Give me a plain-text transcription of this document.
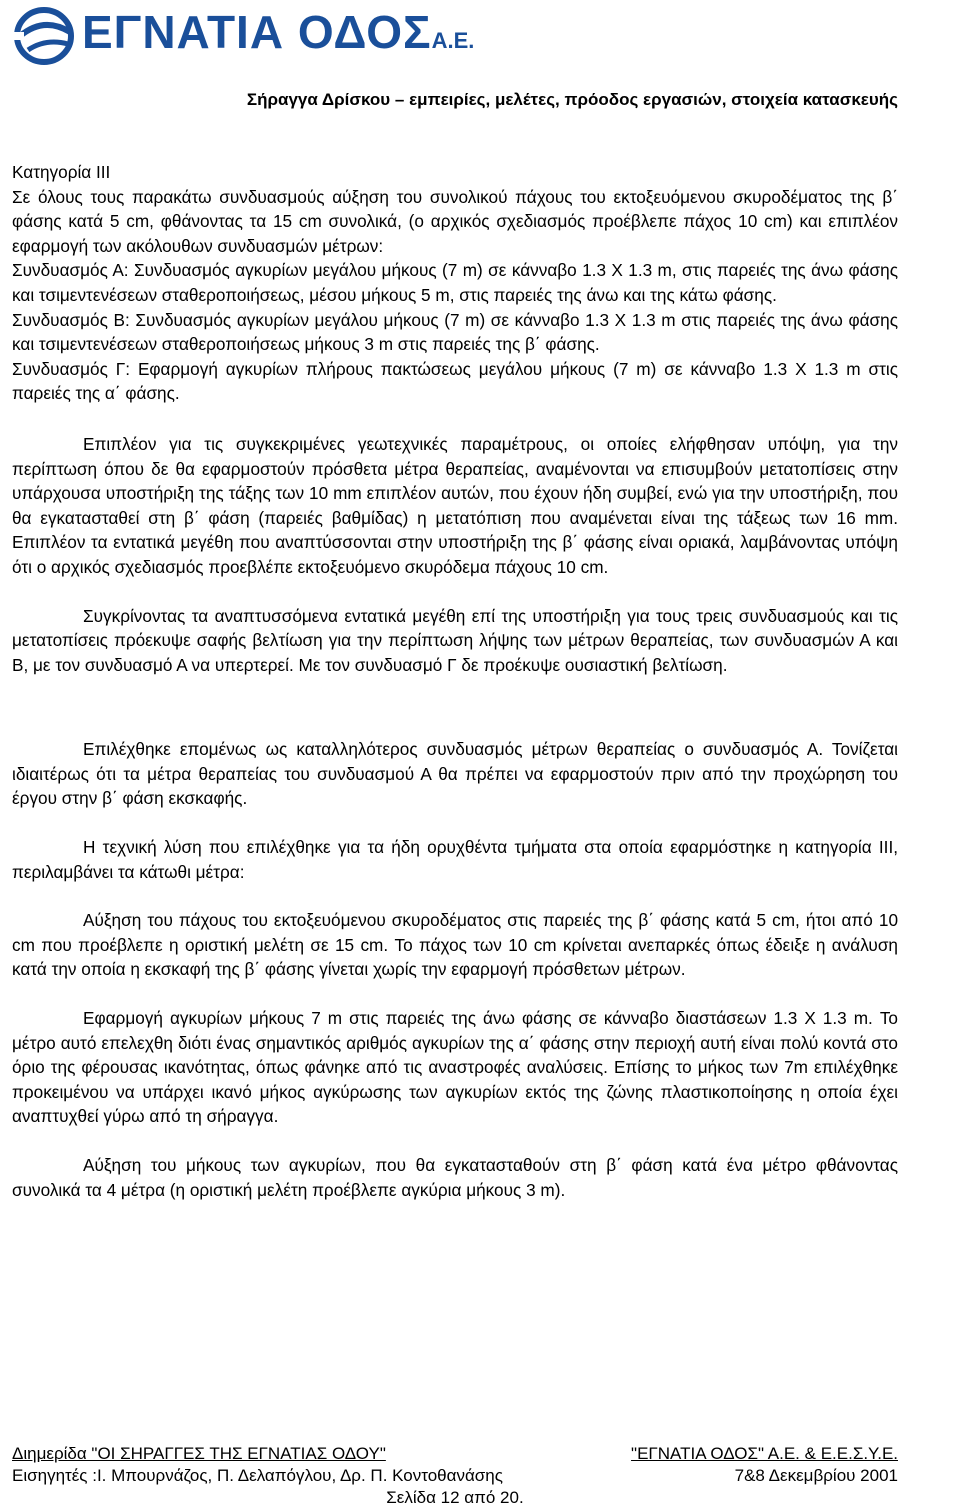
ΕΓΝΑΤΙΑ ΟΔΟΣΑ.Ε.
Σήραγγα Δρίσκου – εμπειρίες, μελέτες, πρόοδος εργασιών, στοιχεία κατασκευής

Κατηγορία ΙΙΙ

Σε όλους τους παρακάτω συνδυασμούς αύξηση του συνολικού πάχους του εκτοξευόμενου σκυροδέματος της β΄ φάσης κατά 5 cm, φθάνοντας τα 15 cm συνολικά, (ο αρχικός σχεδιασμός προέβλεπε πάχος 10 cm) και επιπλέον εφαρμογή των ακόλουθων συνδυασμών μέτρων:

Συνδυασμός Α: Συνδυασμός αγκυρίων μεγάλου μήκους (7 m) σε κάνναβο 1.3 Χ 1.3 m, στις παρειές της άνω φάσης και τσιμεντενέσεων σταθεροποιήσεως, μέσου μήκους 5 m, στις παρειές της άνω και της κάτω φάσης.

Συνδυασμός Β: Συνδυασμός αγκυρίων μεγάλου μήκους (7 m) σε κάνναβο 1.3 Χ 1.3 m στις παρειές της άνω φάσης και τσιμεντενέσεων σταθεροποιήσεως μήκους 3 m στις παρειές της β΄ φάσης.

Συνδυασμός Γ: Εφαρμογή αγκυρίων πλήρους πακτώσεως μεγάλου μήκους (7 m) σε κάνναβο 1.3 Χ 1.3 m στις παρειές της α΄ φάσης.

Επιπλέον για τις συγκεκριμένες γεωτεχνικές παραμέτρους, οι οποίες ελήφθησαν υπόψη, για την περίπτωση όπου δε θα εφαρμοστούν πρόσθετα μέτρα θεραπείας, αναμένονται να επισυμβούν μετατοπίσεις στην υπάρχουσα υποστήριξη της τάξης των 10 mm επιπλέον αυτών, που έχουν ήδη συμβεί, ενώ για την υποστήριξη, που θα εγκατασταθεί στη β΄ φάση (παρειές βαθμίδας) η μετατόπιση που αναμένεται είναι της τάξεως των 16 mm. Επιπλέον τα εντατικά μεγέθη που αναπτύσσονται στην υποστήριξη της β΄ φάσης είναι οριακά, λαμβάνοντας υπόψη ότι ο αρχικός σχεδιασμός προεβλέπε εκτοξευόμενο σκυρόδεμα πάχους 10 cm.

Συγκρίνοντας τα αναπτυσσόμενα εντατικά μεγέθη επί της υποστήριξη για τους τρεις συνδυασμούς και τις μετατοπίσεις πρόεκυψε σαφής βελτίωση για την περίπτωση λήψης των μέτρων θεραπείας, των συνδυασμών Α και Β, με τον συνδυασμό Α να υπερτερεί. Με τον συνδυασμό Γ δε προέκυψε ουσιαστική βελτίωση.

Επιλέχθηκε επομένως ως καταλληλότερος συνδυασμός μέτρων θεραπείας ο συνδυασμός Α. Τονίζεται ιδιαιτέρως ότι τα μέτρα θεραπείας του συνδυασμού Α θα πρέπει να εφαρμοστούν πριν από την προχώρηση του έργου στην β΄ φάση εκσκαφής.

Η τεχνική λύση που επιλέχθηκε για τα ήδη ορυχθέντα τμήματα στα οποία εφαρμόστηκε η κατηγορία ΙΙΙ, περιλαμβάνει τα κάτωθι μέτρα:

Αύξηση του πάχους του εκτοξευόμενου σκυροδέματος στις παρειές της β΄ φάσης κατά 5 cm, ήτοι από 10 cm που προέβλεπε η οριστική μελέτη σε 15 cm. Το πάχος των 10 cm κρίνεται ανεπαρκές όπως έδειξε η ανάλυση κατά την οποία η εκσκαφή της β΄ φάσης γίνεται χωρίς την εφαρμογή πρόσθετων μέτρων.

Εφαρμογή αγκυρίων μήκους 7 m στις παρειές της άνω φάσης σε κάνναβο διαστάσεων 1.3 Χ 1.3 m. Το μέτρο αυτό επελεχθη διότι ένας σημαντικός αριθμός αγκυρίων της α΄ φάσης στην περιοχή αυτή είναι πολύ κοντά στο όριο της φέρουσας ικανότητας, όπως φάνηκε από τις αναστροφές αναλύσεις. Επίσης το μήκος των 7m επιλέχθηκε προκειμένου να υπάρχει ικανό μήκος αγκύρωσης των αγκυρίων εκτός της ζώνης πλαστικοποίησης η οποία έχει αναπτυχθεί γύρω από τη σήραγγα.

Αύξηση του μήκους των αγκυρίων, που θα εγκατασταθούν στη β΄ φάση κατά ένα μέτρο φθάνοντας συνολικά τα 4 μέτρα (η οριστική μελέτη προέβλεπε αγκύρια μήκους 3 m).

Διημερίδα "ΟΙ ΣΗΡΑΓΓΕΣ ΤΗΣ ΕΓΝΑΤΙΑΣ ΟΔΟΥ"	"ΕΓΝΑΤΙΑ ΟΔΟΣ" Α.Ε. & Ε.Ε.Σ.Υ.Ε.
Εισηγητές :Ι. Μπουρνάζος, Π. Δελαπόγλου, Δρ. Π. Κοντοθανάσης	7&8 Δεκεμβρίου 2001
Σελίδα 12 από 20.
